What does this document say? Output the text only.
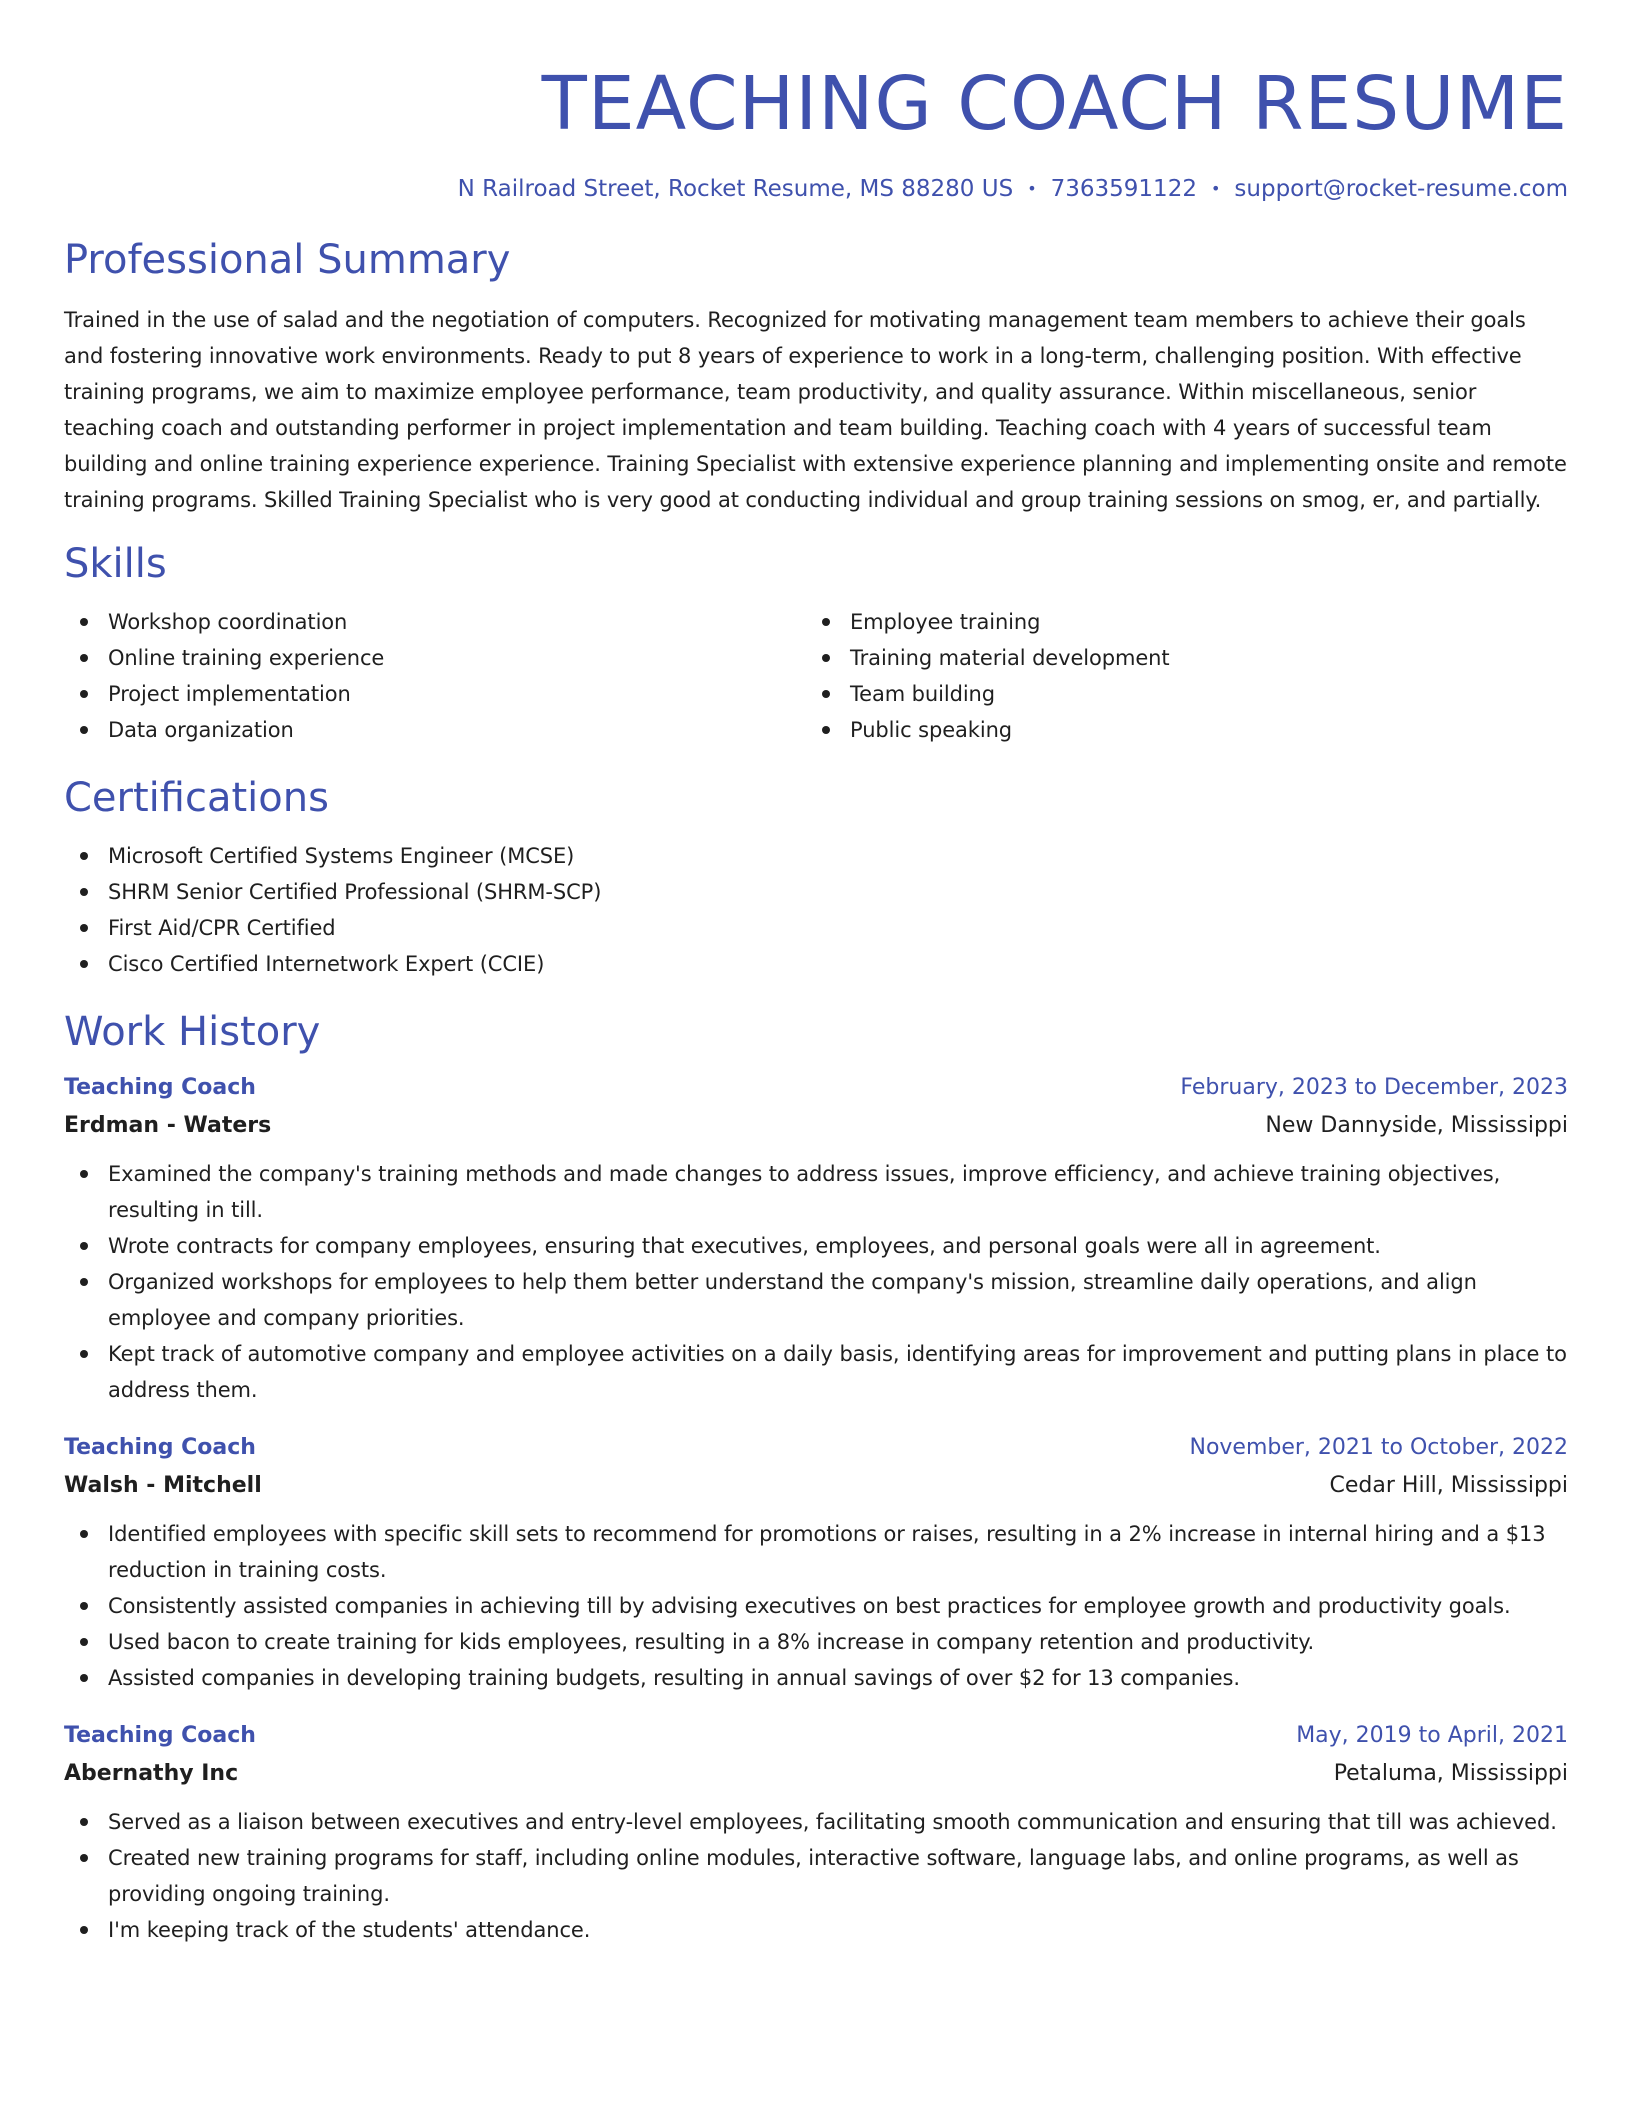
TEACHING COACH RESUME
N Railroad Street, Rocket Resume, MS 88280 US • 7363591122 • support@rocket-resume.com
Professional Summary

Trained in the use of salad and the negotiation of computers. Recognized for motivating management team members to achieve their goals and fostering innovative work environments. Ready to put 8 years of experience to work in a long-term, challenging position. With effective training programs, we aim to maximize employee performance, team productivity, and quality assurance. Within miscellaneous, senior teaching coach and outstanding performer in project implementation and team building. Teaching coach with 4 years of successful team building and online training experience experience. Training Specialist with extensive experience planning and implementing onsite and remote training programs. Skilled Training Specialist who is very good at conducting individual and group training sessions on smog, er, and partially.

Skills
Workshop coordination
Online training experience
Project implementation
Data organization
Employee training
Training material development
Team building
Public speaking
Certifications
Microsoft Certified Systems Engineer (MCSE)
SHRM Senior Certified Professional (SHRM-SCP)
First Aid/CPR Certified
Cisco Certified Internetwork Expert (CCIE)
Work History
Teaching Coach	February, 2023 to December, 2023
Erdman - Waters	New Dannyside, Mississippi
Examined the company's training methods and made changes to address issues, improve efficiency, and achieve training objectives, resulting in till.
Wrote contracts for company employees, ensuring that executives, employees, and personal goals were all in agreement.
Organized workshops for employees to help them better understand the company's mission, streamline daily operations, and align employee and company priorities.
Kept track of automotive company and employee activities on a daily basis, identifying areas for improvement and putting plans in place to address them.
Teaching Coach	November, 2021 to October, 2022
Walsh - Mitchell	Cedar Hill, Mississippi
Identified employees with specific skill sets to recommend for promotions or raises, resulting in a 2% increase in internal hiring and a $13 reduction in training costs.
Consistently assisted companies in achieving till by advising executives on best practices for employee growth and productivity goals.
Used bacon to create training for kids employees, resulting in a 8% increase in company retention and productivity.
Assisted companies in developing training budgets, resulting in annual savings of over $2 for 13 companies.
Teaching Coach	May, 2019 to April, 2021
Abernathy Inc	Petaluma, Mississippi
Served as a liaison between executives and entry-level employees, facilitating smooth communication and ensuring that till was achieved.
Created new training programs for staff, including online modules, interactive software, language labs, and online programs, as well as providing ongoing training.
I'm keeping track of the students' attendance.
